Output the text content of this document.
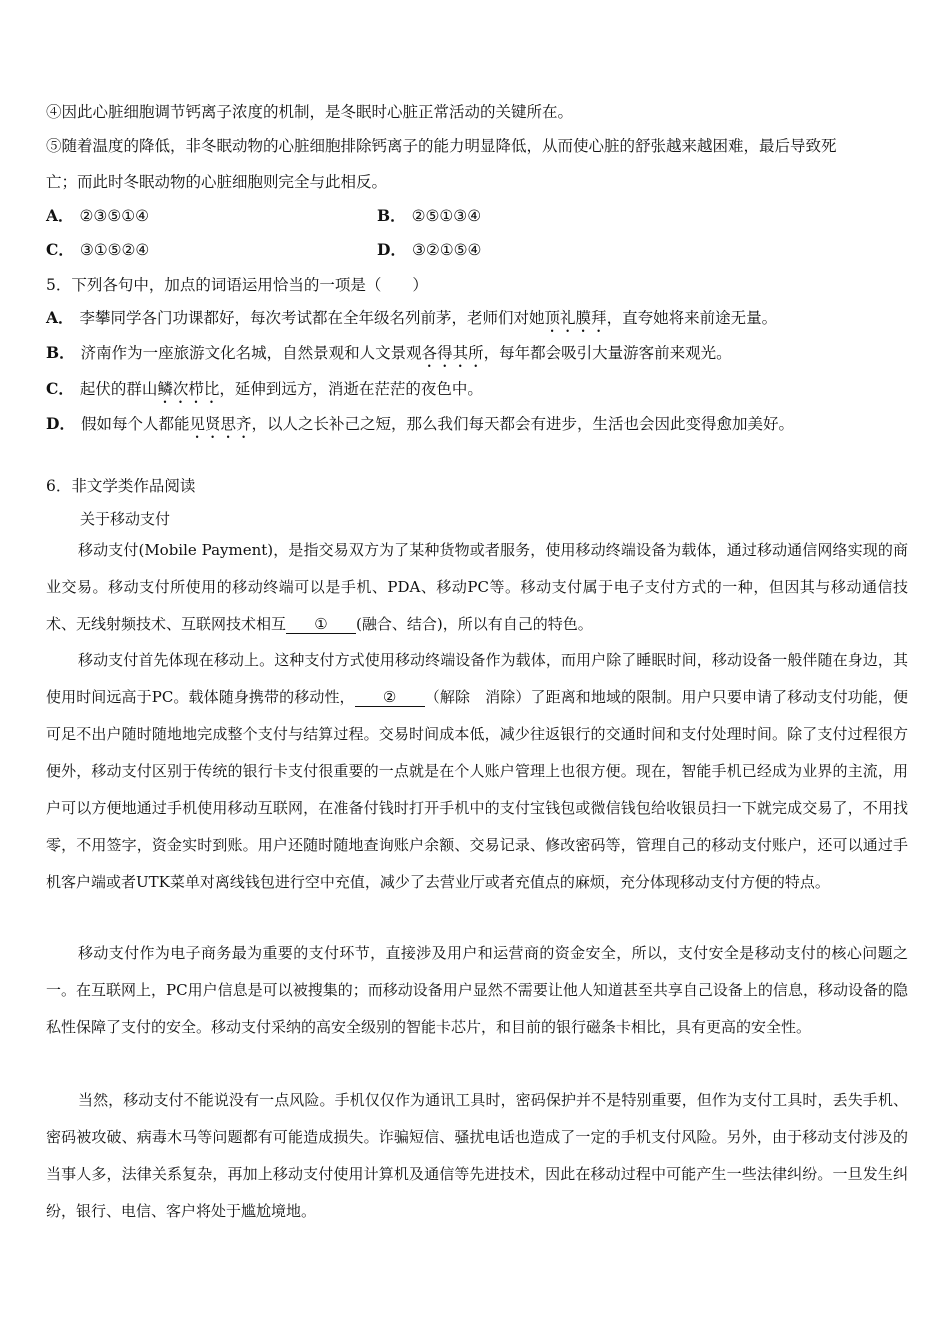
④因此心脏细胞调节钙离子浓度的机制，是冬眠时心脏正常活动的关键所在。
⑤随着温度的降低，非冬眠动物的心脏细胞排除钙离子的能力明显降低，从而使心脏的舒张越来越困难，最后导致死
亡；而此时冬眠动物的心脏细胞则完全与此相反。
A． ②③⑤①④	B． ②⑤①③④
C． ③①⑤②④	D． ③②①⑤④
5．下列各句中，加点的词语运用恰当的一项是（　　）
A． 李攀同学各门功课都好，每次考试都在全年级名列前茅，老师们对她顶礼膜拜，直夸她将来前途无量。
B． 济南作为一座旅游文化名城，自然景观和人文景观各得其所，每年都会吸引大量游客前来观光。
C． 起伏的群山鳞次栉比，延伸到远方，消逝在茫茫的夜色中。
D． 假如每个人都能见贤思齐，以人之长补己之短，那么我们每天都会有进步，生活也会因此变得愈加美好。
6．非文学类作品阅读
关于移动支付
移动支付(Mobile Payment)，是指交易双方为了某种货物或者服务，使用移动终端设备为载体，通过移动通信网络实现的商业交易。移动支付所使用的移动终端可以是手机、PDA、移动PC等。移动支付属于电子支付方式的一种，但因其与移动通信技术、无线射频技术、互联网技术相互 ① (融合、结合)，所以有自己的特色。
移动支付首先体现在移动上。这种支付方式使用移动终端设备作为载体，而用户除了睡眠时间，移动设备一般伴随在身边，其使用时间远高于PC。载体随身携带的移动性， ② （解除　消除）了距离和地域的限制。用户只要申请了移动支付功能，便可足不出户随时随地地完成整个支付与结算过程。交易时间成本低，减少往返银行的交通时间和支付处理时间。除了支付过程很方便外，移动支付区别于传统的银行卡支付很重要的一点就是在个人账户管理上也很方便。现在，智能手机已经成为业界的主流，用户可以方便地通过手机使用移动互联网，在准备付钱时打开手机中的支付宝钱包或微信钱包给收银员扫一下就完成交易了，不用找零，不用签字，资金实时到账。用户还随时随地查询账户余额、交易记录、修改密码等，管理自己的移动支付账户，还可以通过手机客户端或者UTK菜单对离线钱包进行空中充值，减少了去营业厅或者充值点的麻烦，充分体现移动支付方便的特点。
移动支付作为电子商务最为重要的支付环节，直接涉及用户和运营商的资金安全，所以，支付安全是移动支付的核心问题之一。在互联网上，PC用户信息是可以被搜集的；而移动设备用户显然不需要让他人知道甚至共享自己设备上的信息，移动设备的隐私性保障了支付的安全。移动支付采纳的高安全级别的智能卡芯片，和目前的银行磁条卡相比，具有更高的安全性。
当然，移动支付不能说没有一点风险。手机仅仅作为通讯工具时，密码保护并不是特别重要，但作为支付工具时，丢失手机、密码被攻破、病毒木马等问题都有可能造成损失。诈骗短信、骚扰电话也造成了一定的手机支付风险。另外，由于移动支付涉及的当事人多，法律关系复杂，再加上移动支付使用计算机及通信等先进技术，因此在移动过程中可能产生一些法律纠纷。一旦发生纠纷，银行、电信、客户将处于尴尬境地。
